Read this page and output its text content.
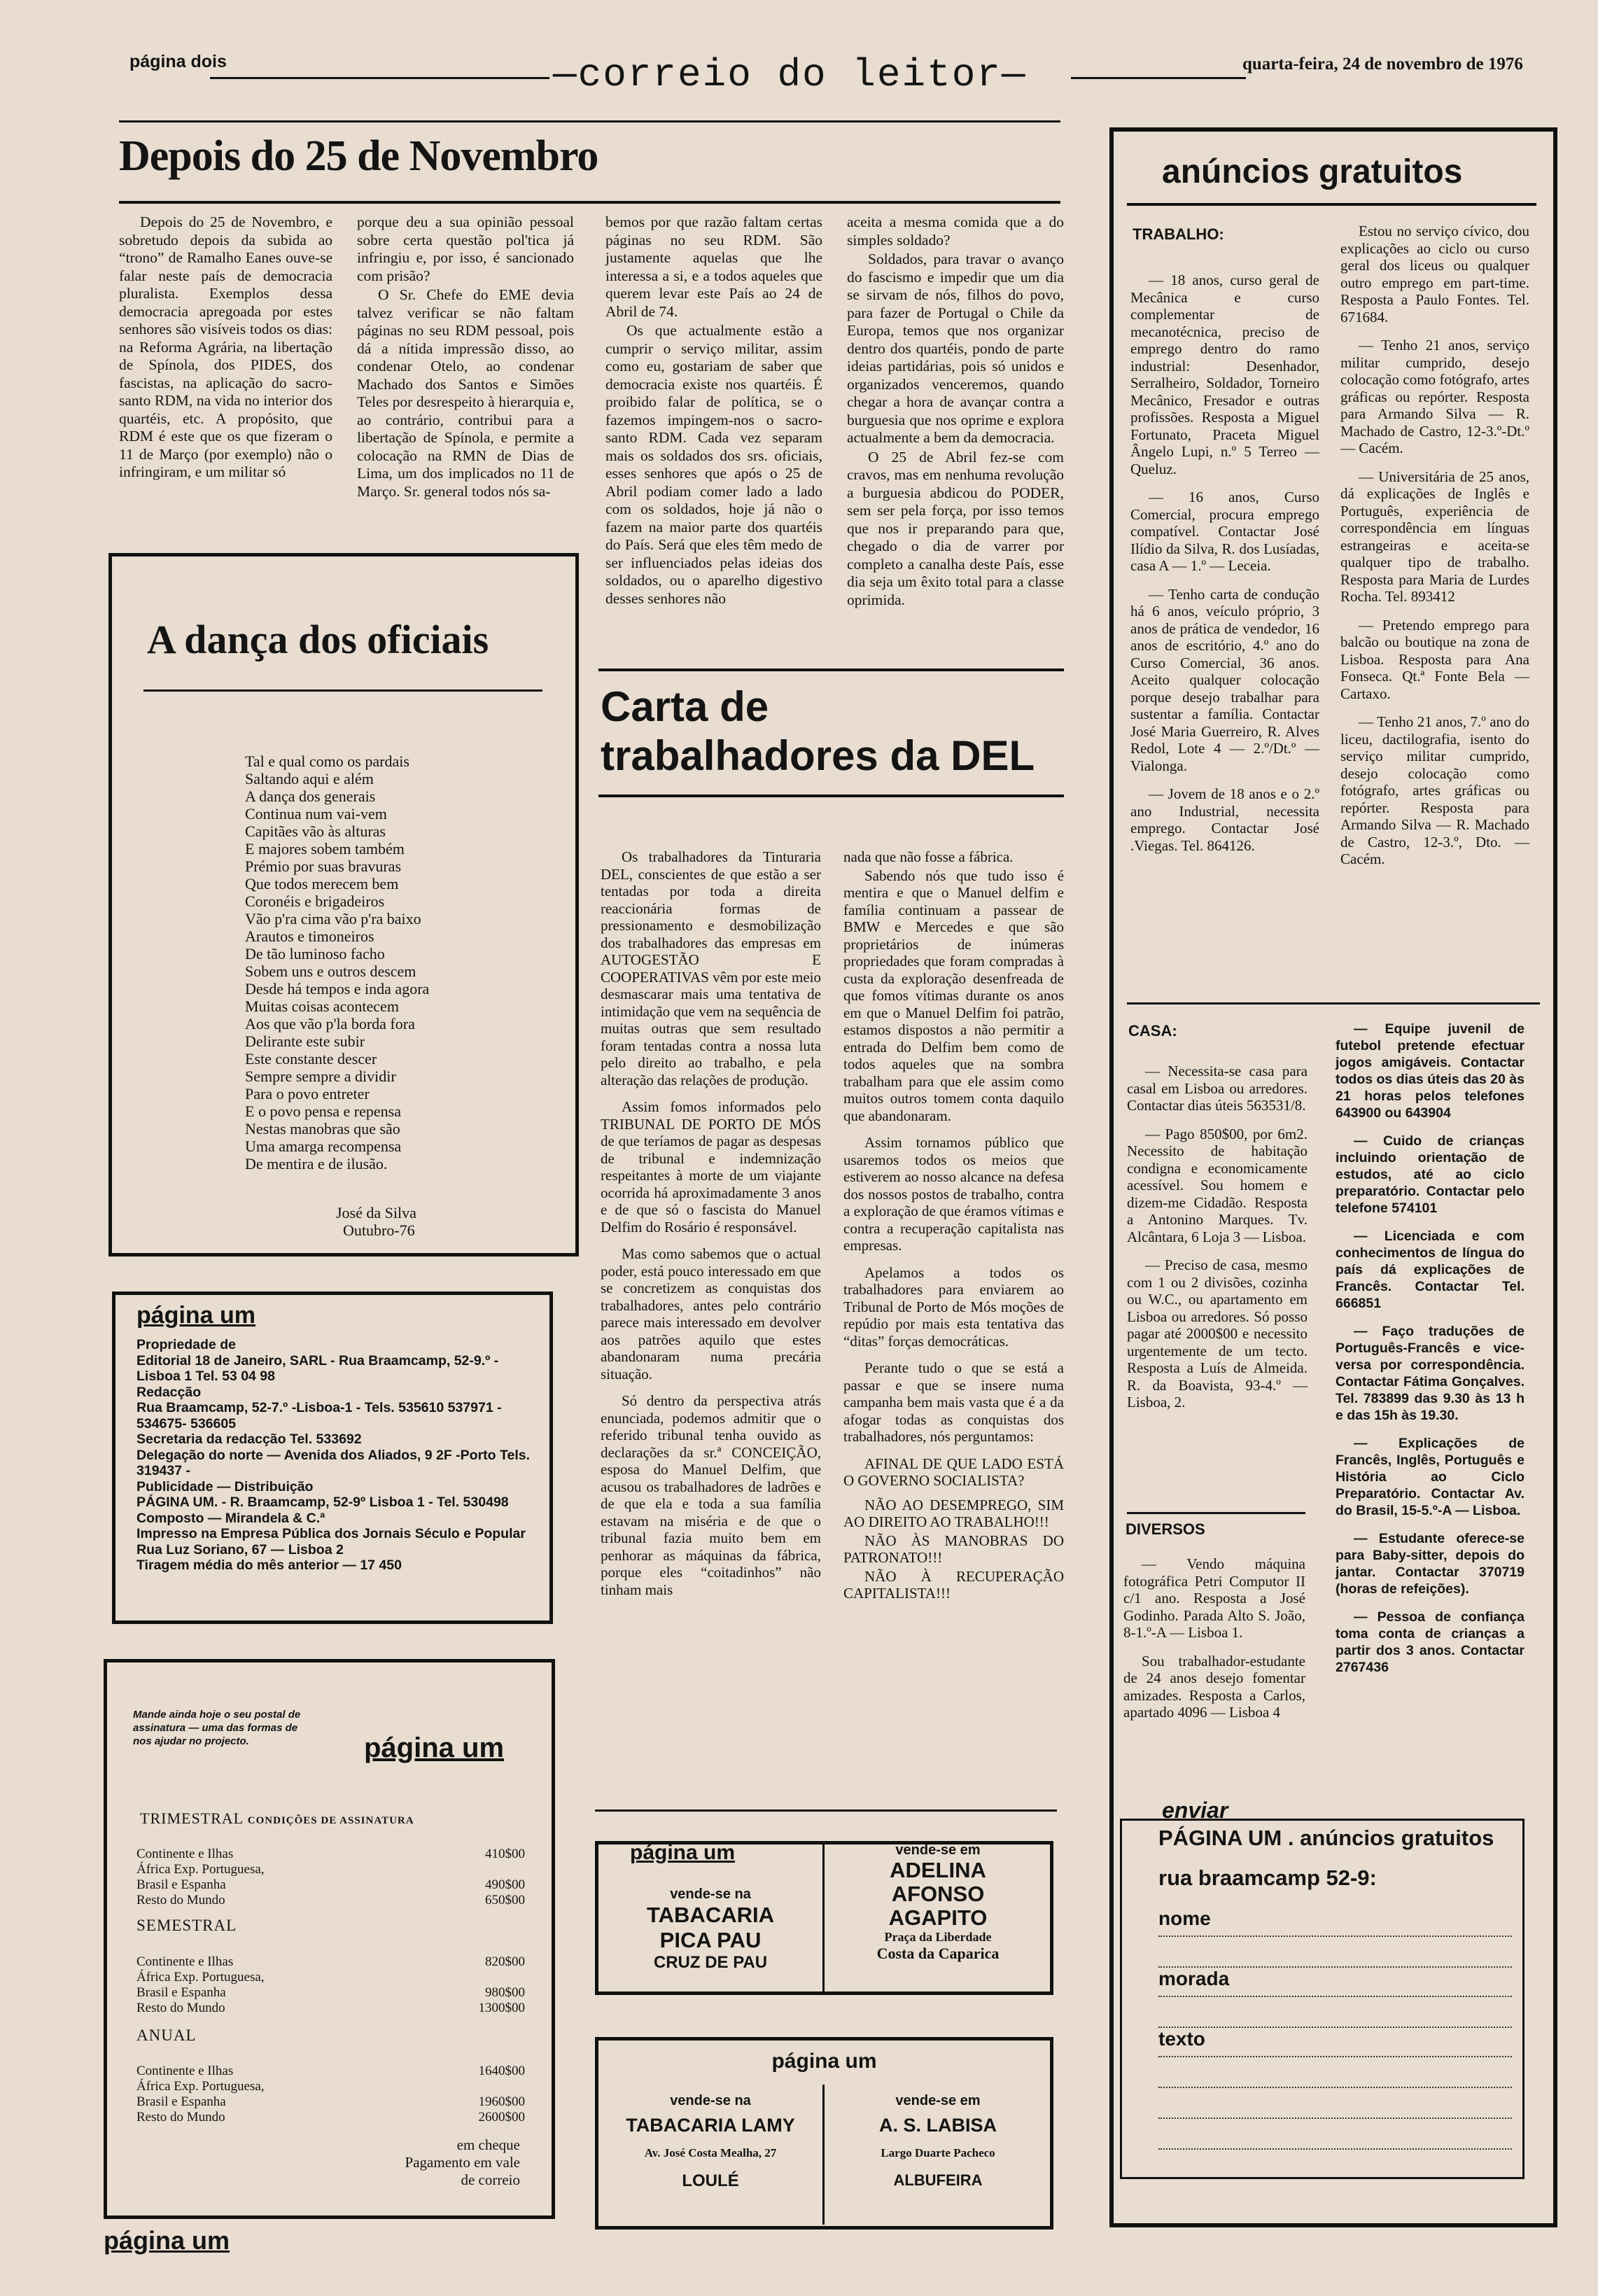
página dois	—correio do leitor—	quarta-feira, 24 de novembro de 1976
Depois do 25 de Novembro

Depois do 25 de Novembro, e sobretudo depois da subida ao “trono” de Ramalho Eanes ouve-se falar neste país de democracia pluralista. Exemplos dessa democracia apregoada por estes senhores são visíveis todos os dias: na Reforma Agrária, na libertação de Spínola, dos PIDES, dos fascistas, na aplicação do sacro-santo RDM, na vida no interior dos quartéis, etc. A propósito, que RDM é este que os que fizeram o 11 de Março (por exemplo) não o infringiram, e um militar só

porque deu a sua opinião pessoal sobre certa questão pol'tica já infringiu e, por isso, é sancionado com prisão?

O Sr. Chefe do EME devia talvez verificar se não faltam páginas no seu RDM pessoal, pois dá a nítida impressão disso, ao condenar Otelo, ao condenar Machado dos Santos e Simões Teles por desrespeito à hierarquia e, ao contrário, contribui para a libertação de Spínola, e permite a colocação na RMN de Dias de Lima, um dos implicados no 11 de Março. Sr. general todos nós sa-

bemos por que razão faltam certas páginas no seu RDM. São justamente aquelas que lhe interessa a si, e a todos aqueles que querem levar este País ao 24 de Abril de 74.

Os que actualmente estão a cumprir o serviço militar, assim como eu, gostariam de saber que democracia existe nos quartéis. É proibido falar de política, se o fazemos impingem-nos o sacro-santo RDM. Cada vez separam mais os soldados dos srs. oficiais, esses senhores que após o 25 de Abril podiam comer lado a lado com os soldados, hoje já não o fazem na maior parte dos quartéis do País. Será que eles têm medo de ser influenciados pelas ideias dos soldados, ou o aparelho digestivo desses senhores não

aceita a mesma comida que a do simples soldado?

Soldados, para travar o avanço do fascismo e impedir que um dia se sirvam de nós, filhos do povo, para fazer de Portugal o Chile da Europa, temos que nos organizar dentro dos quartéis, pondo de parte ideias partidárias, pois só unidos e organizados venceremos, quando chegar a hora de avançar contra a burguesia que nos oprime e explora actualmente a bem da democracia.

O 25 de Abril fez-se com cravos, mas em nenhuma revolução a burguesia abdicou do PODER, sem ser pela força, por isso temos que nos ir preparando para que, chegado o dia de varrer por completo a canalha deste País, esse dia seja um êxito total para a classe oprimida.

A dança dos oficiais

Tal e qual como os pardais

Saltando aqui e além

A dança dos generais

Continua num vai-vem

Capitães vão às alturas

E majores sobem também

Prémio por suas bravuras

Que todos merecem bem

Coronéis e brigadeiros

Vão p'ra cima vão p'ra baixo

Arautos e timoneiros

De tão luminoso facho

Sobem uns e outros descem

Desde há tempos e inda agora

Muitas coisas acontecem

Aos que vão p'la borda fora

Delirante este subir

Este constante descer

Sempre sempre a dividir

Para o povo entreter

E o povo pensa e repensa

Nestas manobras que são

Uma amarga recompensa

De mentira e de ilusão.

José da Silva
Outubro-76
página um
Propriedade de
Editorial 18 de Janeiro, SARL - Rua Braamcamp, 52-9.º -Lisboa 1 Tel. 53 04 98
Redacção
Rua Braamcamp, 52-7.º -Lisboa-1 - Tels. 535610 537971 - 534675- 536605
Secretaria da redacção Tel. 533692
Delegação do norte — Avenida dos Aliados, 9 2F -Porto Tels. 319437 -
Publicidade — Distribuição
PÁGINA UM. - R. Braamcamp, 52-9º Lisboa 1 - Tel. 530498
Composto — Mirandela & C.ª
Impresso na Empresa Pública dos Jornais Século e Popular
Rua Luz Soriano, 67 — Lisboa 2
Tiragem média do mês anterior — 17 450
Mande ainda hoje o seu postal de assinatura — uma das formas de nos ajudar no projecto.	página um
TRIMESTRAL CONDIÇÕES DE ASSINATURA
Continente e Ilhas	410$00
África Exp. Portuguesa,
Brasil e Espanha	490$00
Resto do Mundo	650$00
SEMESTRAL
Continente e Ilhas	820$00
África Exp. Portuguesa,
Brasil e Espanha	980$00
Resto do Mundo	1300$00
ANUAL
Continente e Ilhas	1640$00
África Exp. Portuguesa,
Brasil e Espanha	1960$00
Resto do Mundo	2600$00
em cheque
Pagamento em vale
de correio
Carta de
trabalhadores da DEL

Os trabalhadores da Tinturaria DEL, conscientes de que estão a ser tentadas por toda a direita reaccionária formas de pressionamento e desmobilização dos trabalhadores das empresas em AUTOGESTÃO E COOPERATIVAS vêm por este meio desmascarar mais uma tentativa de intimidação que vem na sequência de muitas outras que sem resultado foram tentadas contra a nossa luta pelo direito ao trabalho, e pela alteração das relações de produção.

Assim fomos informados pelo TRIBUNAL DE PORTO DE MÓS de que teríamos de pagar as despesas de tribunal e indemnização respeitantes à morte de um viajante ocorrida há aproximadamente 3 anos e de que só o fascista do Manuel Delfim do Rosário é responsável.

Mas como sabemos que o actual poder, está pouco interessado em que se concretizem as conquistas dos trabalhadores, antes pelo contrário parece mais interessado em devolver aos patrões aquilo que estes abandonaram numa precária situação.

Só dentro da perspectiva atrás enunciada, podemos admitir que o referido tribunal tenha ouvido as declarações da sr.ª CONCEIÇÃO, esposa do Manuel Delfim, que acusou os trabalhadores de ladrões e de que ela e toda a sua família estavam na miséria e de que o tribunal fazia muito bem em penhorar as máquinas da fábrica, porque eles “coitadinhos” não tinham mais

nada que não fosse a fábrica.

Sabendo nós que tudo isso é mentira e que o Manuel delfim e família continuam a passear de BMW e Mercedes e que são proprietários de inúmeras propriedades que foram compradas à custa da exploração desenfreada de que fomos vítimas durante os anos em que o Manuel Delfim foi patrão, estamos dispostos a não permitir a entrada do Delfim bem como de todos aqueles que na sombra trabalham para que ele assim como muitos outros tomem conta daquilo que abandonaram.

Assim tornamos público que usaremos todos os meios que estiverem ao nosso alcance na defesa dos nossos postos de trabalho, contra a exploração de que éramos vítimas e contra a recuperação capitalista nas empresas.

Apelamos a todos os trabalhadores para enviarem ao Tribunal de Porto de Mós moções de repúdio por mais esta tentativa das “ditas” forças democráticas.

Perante tudo o que se está a passar e que se insere numa campanha bem mais vasta que é a da afogar todas as conquistas dos trabalhadores, nós perguntamos:

AFINAL DE QUE LADO ESTÁ O GOVERNO SOCIALISTA?

NÃO AO DESEMPREGO, SIM AO DIREITO AO TRABALHO!!!

NÃO ÀS MANOBRAS DO PATRONATO!!!

NÃO À RECUPERAÇÃO CAPITALISTA!!!

página um
vende-se na
TABACARIA
PICA PAU
CRUZ DE PAU
vende-se em
ADELINA
AFONSO
AGAPITO
Praça da Liberdade
Costa da Caparica
página um
vende-se na
TABACARIA LAMY
Av. José Costa Mealha, 27
LOULÉ
vende-se em
A. S. LABISA
Largo Duarte Pacheco
ALBUFEIRA
anúncios gratuitos
TRABALHO:

— 18 anos, curso geral de Mecânica e curso complementar de mecanotécnica, preciso de emprego dentro do ramo industrial: Desenhador, Serralheiro, Soldador, Torneiro Mecânico, Fresador e outras profissões. Resposta a Miguel Fortunato, Praceta Miguel Ângelo Lupi, n.º 5 Terreo — Queluz.

— 16 anos, Curso Comercial, procura emprego compatível. Contactar José Ilídio da Silva, R. dos Lusíadas, casa A — 1.º — Leceia.

— Tenho carta de condução há 6 anos, veículo próprio, 3 anos de prática de vendedor, 16 anos de escritório, 4.º ano do Curso Comercial, 36 anos. Aceito qualquer colocação porque desejo trabalhar para sustentar a família. Contactar José Maria Guerreiro, R. Alves Redol, Lote 4 — 2.º/Dt.º — Vialonga.

— Jovem de 18 anos e o 2.º ano Industrial, necessita emprego. Contactar José .Viegas. Tel. 864126.

Estou no serviço cívico, dou explicações ao ciclo ou curso geral dos liceus ou qualquer outro emprego em part-time. Resposta a Paulo Fontes. Tel. 671684.

— Tenho 21 anos, serviço militar cumprido, desejo colocação como fotógrafo, artes gráficas ou repórter. Resposta para Armando Silva — R. Machado de Castro, 12-3.º-Dt.º — Cacém.

— Universitária de 25 anos, dá explicações de Inglês e Português, experiência de correspondência em línguas estrangeiras e aceita-se qualquer tipo de trabalho. Resposta para Maria de Lurdes Rocha. Tel. 893412

— Pretendo emprego para balcão ou boutique na zona de Lisboa. Resposta para Ana Fonseca. Qt.ª Fonte Bela — Cartaxo.

— Tenho 21 anos, 7.º ano do liceu, dactilografia, isento do serviço militar cumprido, desejo colocação como fotógrafo, artes gráficas ou repórter. Resposta para Armando Silva — R. Machado de Castro, 12-3.º, Dto. — Cacém.

CASA:

— Necessita-se casa para casal em Lisboa ou arredores. Contactar dias úteis 563531/8.

— Pago 850$00, por 6m2. Necessito de habitação condigna e economicamente acessível. Sou homem e dizem-me Cidadão. Resposta a Antonino Marques. Tv. Alcântara, 6 Loja 3 — Lisboa.

— Preciso de casa, mesmo com 1 ou 2 divisões, cozinha ou W.C., ou apartamento em Lisboa ou arredores. Só posso pagar até 2000$00 e necessito urgentemente de um tecto. Resposta a Luís de Almeida. R. da Boavista, 93-4.º — Lisboa, 2.

DIVERSOS

— Vendo máquina fotográfica Petri Computor II c/1 ano. Resposta a José Godinho. Parada Alto S. João, 8-1.º-A — Lisboa 1.

Sou trabalhador-estudante de 24 anos desejo fomentar amizades. Resposta a Carlos, apartado 4096 — Lisboa 4

— Equipe juvenil de futebol pretende efectuar jogos amigáveis. Contactar todos os dias úteis das 20 às 21 horas pelos telefones 643900 ou 643904

— Cuido de crianças incluindo orientação de estudos, até ao ciclo preparatório. Contactar pelo telefone 574101

— Licenciada e com conhecimentos de língua do país dá explicações de Francês. Contactar Tel. 666851

— Faço traduções de Português-Francês e vice-versa por correspondência. Contactar Fátima Gonçalves. Tel. 783899 das 9.30 às 13 h e das 15h às 19.30.

— Explicações de Francês, Inglês, Português e História ao Ciclo Preparatório. Contactar Av. do Brasil, 15-5.º-A — Lisboa.

— Estudante oferece-se para Baby-sitter, depois do jantar. Contactar 370719 (horas de refeições).

— Pessoa de confiança toma conta de crianças a partir dos 3 anos. Contactar 2767436

enviar
PÁGINA UM . anúncios gratuitos
rua braamcamp 52-9:
nome
morada
texto
página um
